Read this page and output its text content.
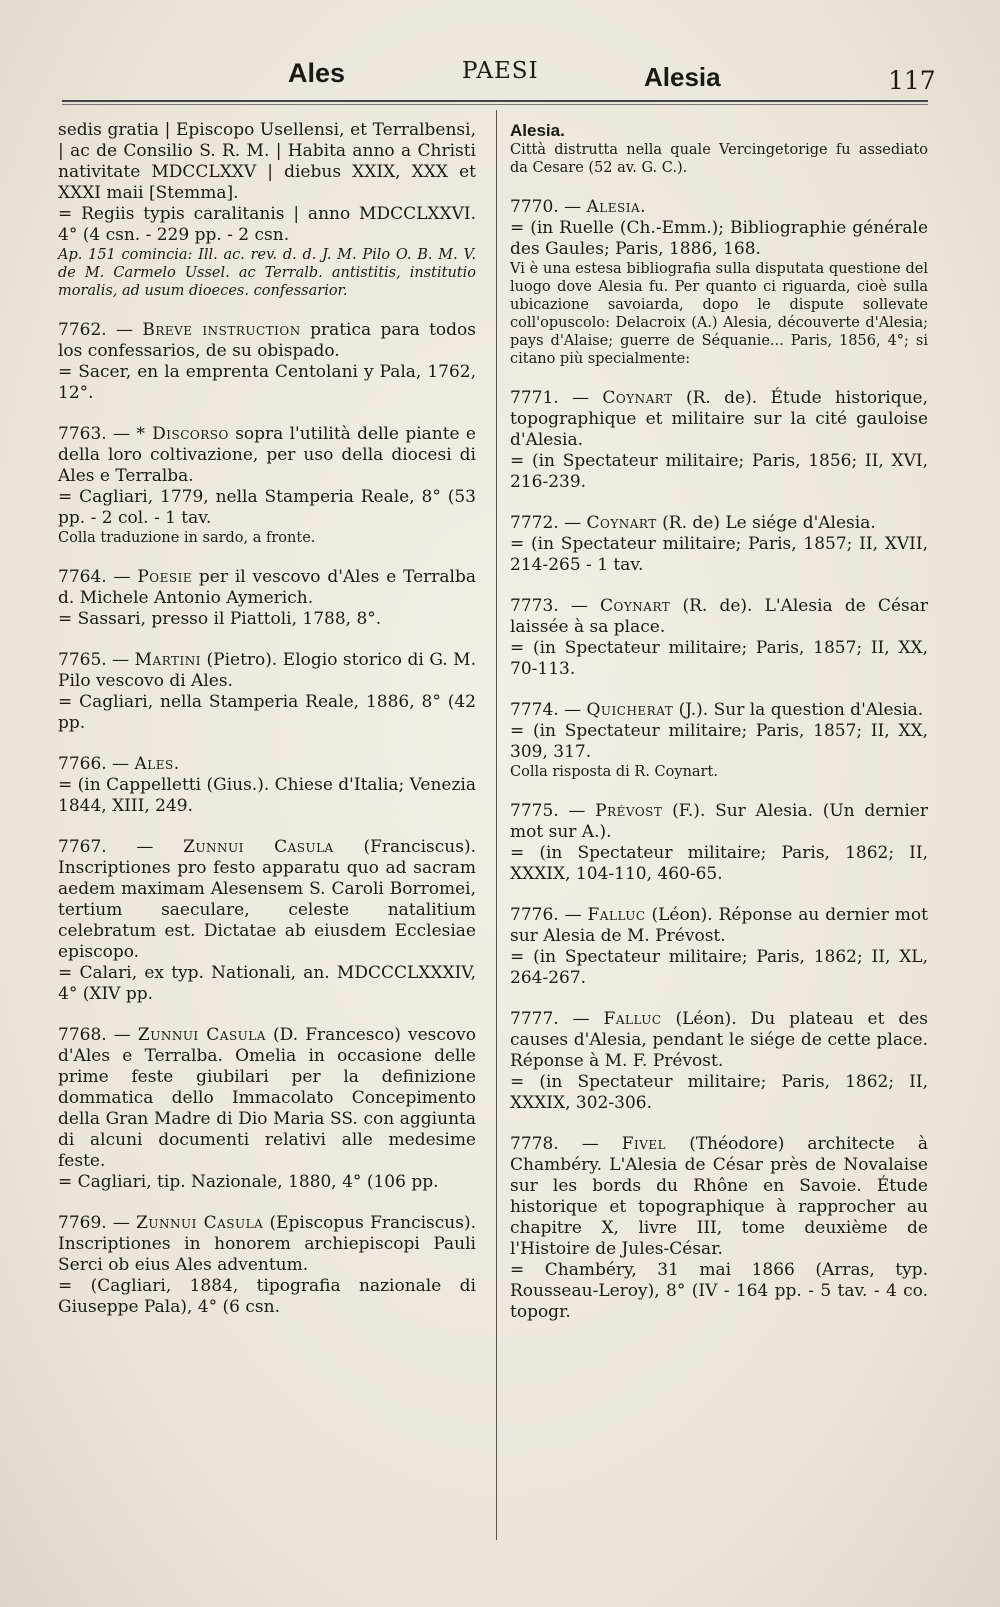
Ales	PAESI	Alesia	117

sedis gratia | Episcopo Usellensi, et Terralbensi, | ac de Consilio S. R. M. | Habita anno a Christi nativitate MDCCLXXV | diebus XXIX, XXX et XXXI maii [Stemma].

= Regiis typis caralitanis | anno MDCCLXXVI. 4° (4 csn. - 229 pp. - 2 csn.

Ap. 151 comincia: Ill. ac. rev. d. d. J. M. Pilo O. B. M. V. de M. Carmelo Ussel. ac Terralb. antistitis, institutio moralis, ad usum dioeces. confessarior.

7762. — Breve instruction pratica para todos los confessarios, de su obispado.

= Sacer, en la emprenta Centolani y Pala, 1762, 12°.

7763. — * Discorso sopra l'utilità delle piante e della loro coltivazione, per uso della diocesi di Ales e Terralba.

= Cagliari, 1779, nella Stamperia Reale, 8° (53 pp. - 2 col. - 1 tav.

Colla traduzione in sardo, a fronte.

7764. — Poesie per il vescovo d'Ales e Terralba d. Michele Antonio Aymerich.

= Sassari, presso il Piattoli, 1788, 8°.

7765. — Martini (Pietro). Elogio storico di G. M. Pilo vescovo di Ales.

= Cagliari, nella Stamperia Reale, 1886, 8° (42 pp.

7766. — Ales.

= (in Cappelletti (Gius.). Chiese d'Italia; Venezia 1844, XIII, 249.

7767. — Zunnui Casula (Franciscus). Inscriptiones pro festo apparatu quo ad sacram aedem maximam Alesensem S. Caroli Borromei, tertium saeculare, celeste natalitium celebratum est. Dictatae ab eiusdem Ecclesiae episcopo.

= Calari, ex typ. Nationali, an. MDCCCLXXXIV, 4° (XIV pp.

7768. — Zunnui Casula (D. Francesco) vescovo d'Ales e Terralba. Omelia in occasione delle prime feste giubilari per la definizione dommatica dello Immacolato Concepimento della Gran Madre di Dio Maria SS. con aggiunta di alcuni documenti relativi alle medesime feste.

= Cagliari, tip. Nazionale, 1880, 4° (106 pp.

7769. — Zunnui Casula (Episcopus Franciscus). Inscriptiones in honorem archiepiscopi Pauli Serci ob eius Ales adventum.

= (Cagliari, 1884, tipografia nazionale di Giuseppe Pala), 4° (6 csn.

Alesia.

Città distrutta nella quale Vercingetorige fu assediato da Cesare (52 av. G. C.).

7770. — Alesia.

= (in Ruelle (Ch.-Emm.); Bibliographie générale des Gaules; Paris, 1886, 168.

Vi è una estesa bibliografia sulla disputata questione del luogo dove Alesia fu. Per quanto ci riguarda, cioè sulla ubicazione savoiarda, dopo le dispute sollevate coll'opuscolo: Delacroix (A.) Alesia, découverte d'Alesia; pays d'Alaise; guerre de Séquanie... Paris, 1856, 4°; si citano più specialmente:

7771. — Coynart (R. de). Étude historique, topographique et militaire sur la cité gauloise d'Alesia.

= (in Spectateur militaire; Paris, 1856; II, XVI, 216-239.

7772. — Coynart (R. de) Le siége d'Alesia.

= (in Spectateur militaire; Paris, 1857; II, XVII, 214-265 - 1 tav.

7773. — Coynart (R. de). L'Alesia de César laissée à sa place.

= (in Spectateur militaire; Paris, 1857; II, XX, 70-113.

7774. — Quicherat (J.). Sur la question d'Alesia.

= (in Spectateur militaire; Paris, 1857; II, XX, 309, 317.

Colla risposta di R. Coynart.

7775. — Prévost (F.). Sur Alesia. (Un dernier mot sur A.).

= (in Spectateur militaire; Paris, 1862; II, XXXIX, 104-110, 460-65.

7776. — Falluc (Léon). Réponse au dernier mot sur Alesia de M. Prévost.

= (in Spectateur militaire; Paris, 1862; II, XL, 264-267.

7777. — Falluc (Léon). Du plateau et des causes d'Alesia, pendant le siége de cette place. Réponse à M. F. Prévost.

= (in Spectateur militaire; Paris, 1862; II, XXXIX, 302-306.

7778. — Fivel (Théodore) architecte à Chambéry. L'Alesia de César près de Novalaise sur les bords du Rhône en Savoie. Étude historique et topographique à rapprocher au chapitre X, livre III, tome deuxième de l'Histoire de Jules-César.

= Chambéry, 31 mai 1866 (Arras, typ. Rousseau-Leroy), 8° (IV - 164 pp. - 5 tav. - 4 co. topogr.
